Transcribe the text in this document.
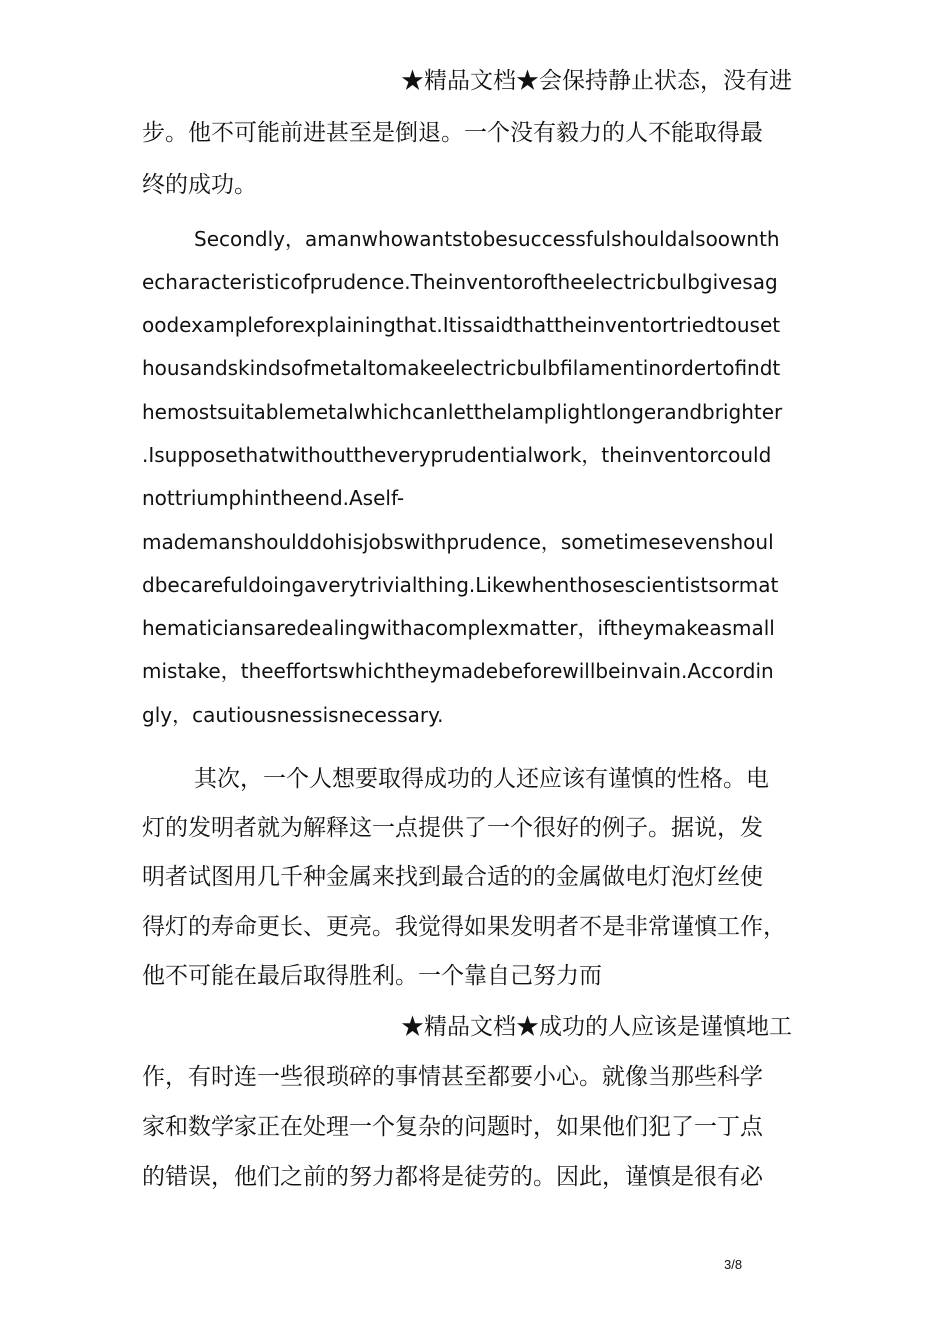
★精品文档★会保持静止状态，没有进
步。他不可能前进甚至是倒退。一个没有毅力的人不能取得最
终的成功。
Secondly，amanwhowantstobesuccessfulshouldalsoownth
echaracteristicofprudence.Theinventoroftheelectricbulbgivesag
oodexampleforexplainingthat.Itissaidthattheinventortriedtouset
housandskindsofmetaltomakeelectricbulbfilamentinordertofindt
hemostsuitablemetalwhichcanletthelamplightlongerandbrighter
.Isupposethatwithouttheveryprudentialwork，theinventorcould
nottriumphintheend.Aself-
mademanshoulddohisjobswithprudence，sometimesevenshoul
dbecarefuldoingaverytrivialthing.Likewhenthosescientistsormat
hematiciansaredealingwithacomplexmatter，iftheymakeasmall
mistake，theeffortswhichtheymadebeforewillbeinvain.Accordin
gly，cautiousnessisnecessary.
其次，一个人想要取得成功的人还应该有谨慎的性格。电
灯的发明者就为解释这一点提供了一个很好的例子。据说，发
明者试图用几千种金属来找到最合适的的金属做电灯泡灯丝使
得灯的寿命更长、更亮。我觉得如果发明者不是非常谨慎工作，
他不可能在最后取得胜利。一个靠自己努力而
★精品文档★成功的人应该是谨慎地工
作，有时连一些很琐碎的事情甚至都要小心。就像当那些科学
家和数学家正在处理一个复杂的问题时，如果他们犯了一丁点
的错误，他们之前的努力都将是徒劳的。因此，谨慎是很有必
3/8
